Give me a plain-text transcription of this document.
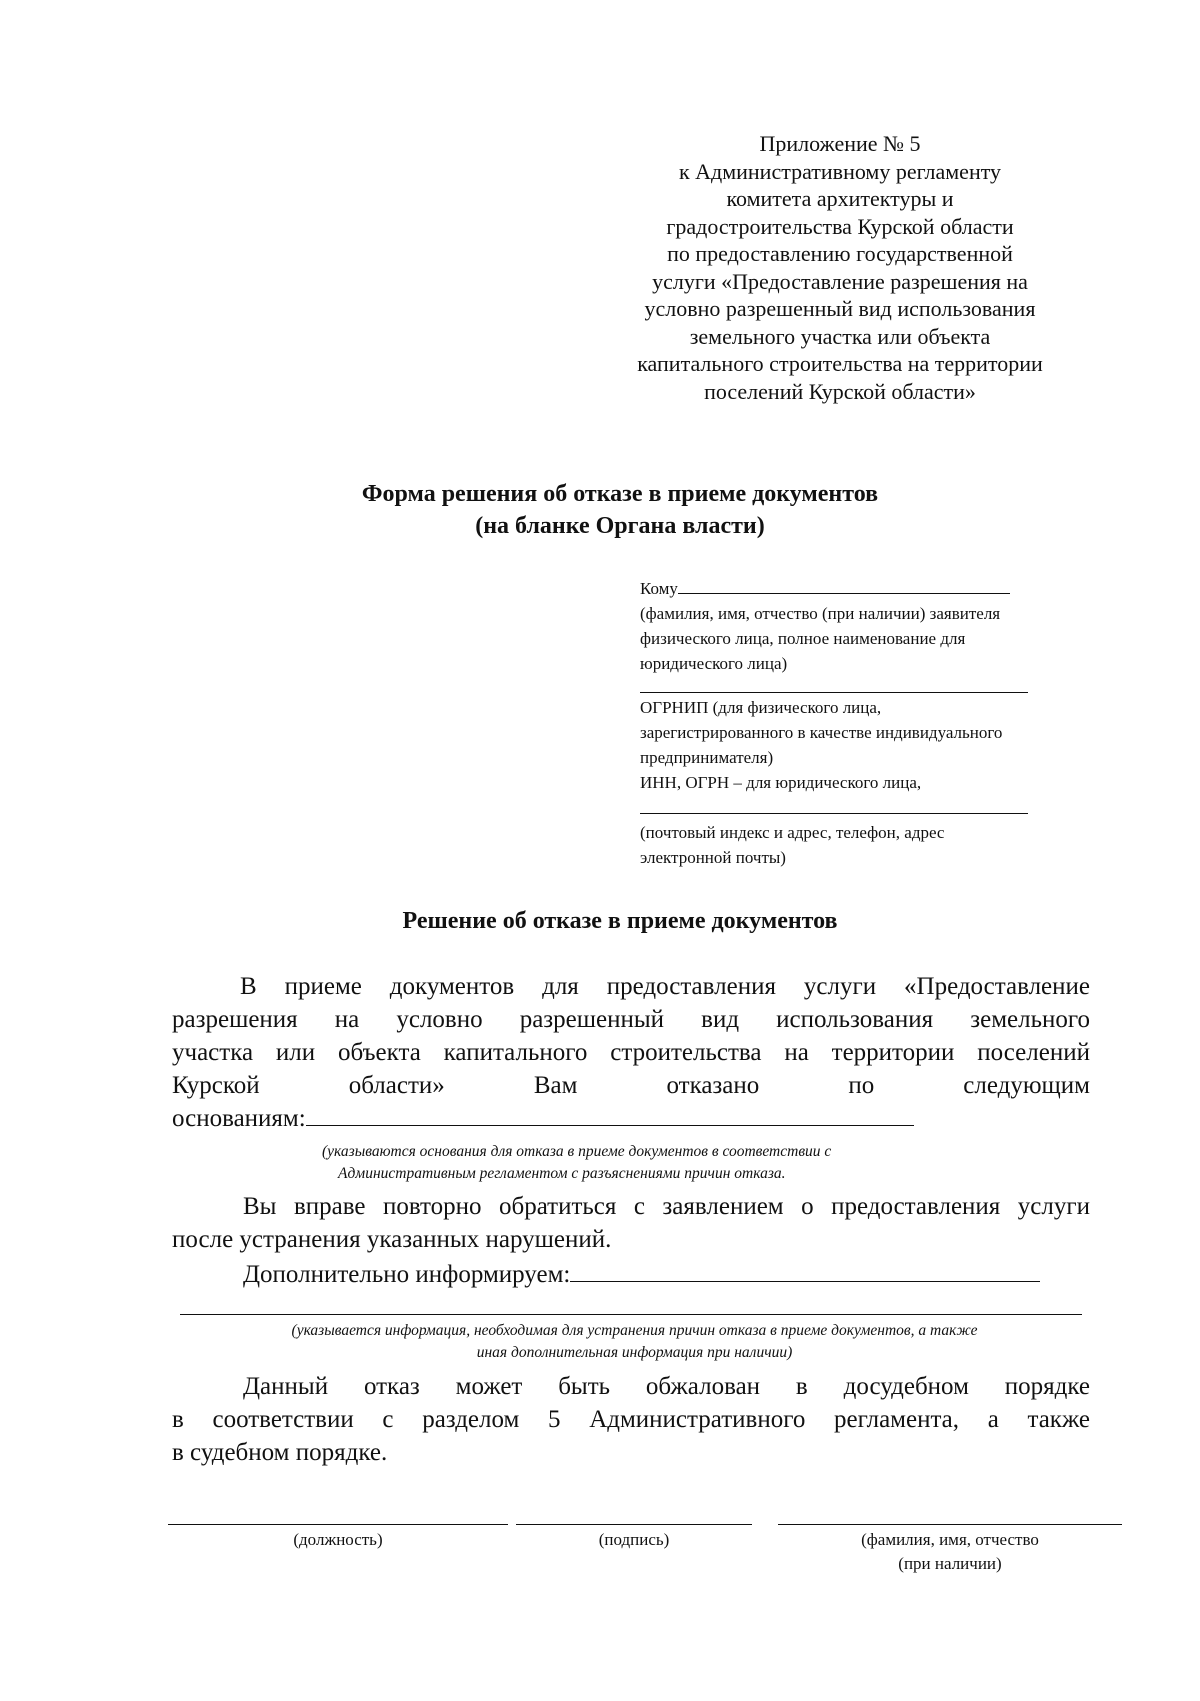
Приложение № 5
к Административному регламенту
комитета архитектуры и
градостроительства Курской области
по предоставлению государственной
услуги «Предоставление разрешения на
условно разрешенный вид использования
земельного участка или объекта
капитального строительства на территории
поселений Курской области»
Форма решения об отказе в приеме документов
(на бланке Органа власти)
Кому
(фамилия, имя, отчество (при наличии) заявителя
физического лица, полное наименование для
юридического лица)
ОГРНИП (для физического лица,
зарегистрированного в качестве индивидуального
предпринимателя)
ИНН, ОГРН – для юридического лица,
(почтовый индекс и адрес, телефон, адрес
электронной почты)
Решение об отказе в приеме документов
В приеме документов для предоставления услуги «Предоставление
разрешения на условно разрешенный вид использования земельного
участка или объекта капитального строительства на территории поселений
Курской	области»	Вам	отказано	по	следующим
основаниям:
(указываются основания для отказа в приеме документов в соответствии с
Административным регламентом с разъяснениями причин отказа.
Вы вправе повторно обратиться с заявлением о предоставления услуги
после устранения указанных нарушений.
Дополнительно информируем:
(указывается информация, необходимая для устранения причин отказа в приеме документов, а также
иная дополнительная информация при наличии)
Данный отказ может быть обжалован в досудебном порядке
в соответствии с разделом 5 Административного регламента, а также
в судебном порядке.
(должность)	(подпись)	(фамилия, имя, отчество
(при наличии)
